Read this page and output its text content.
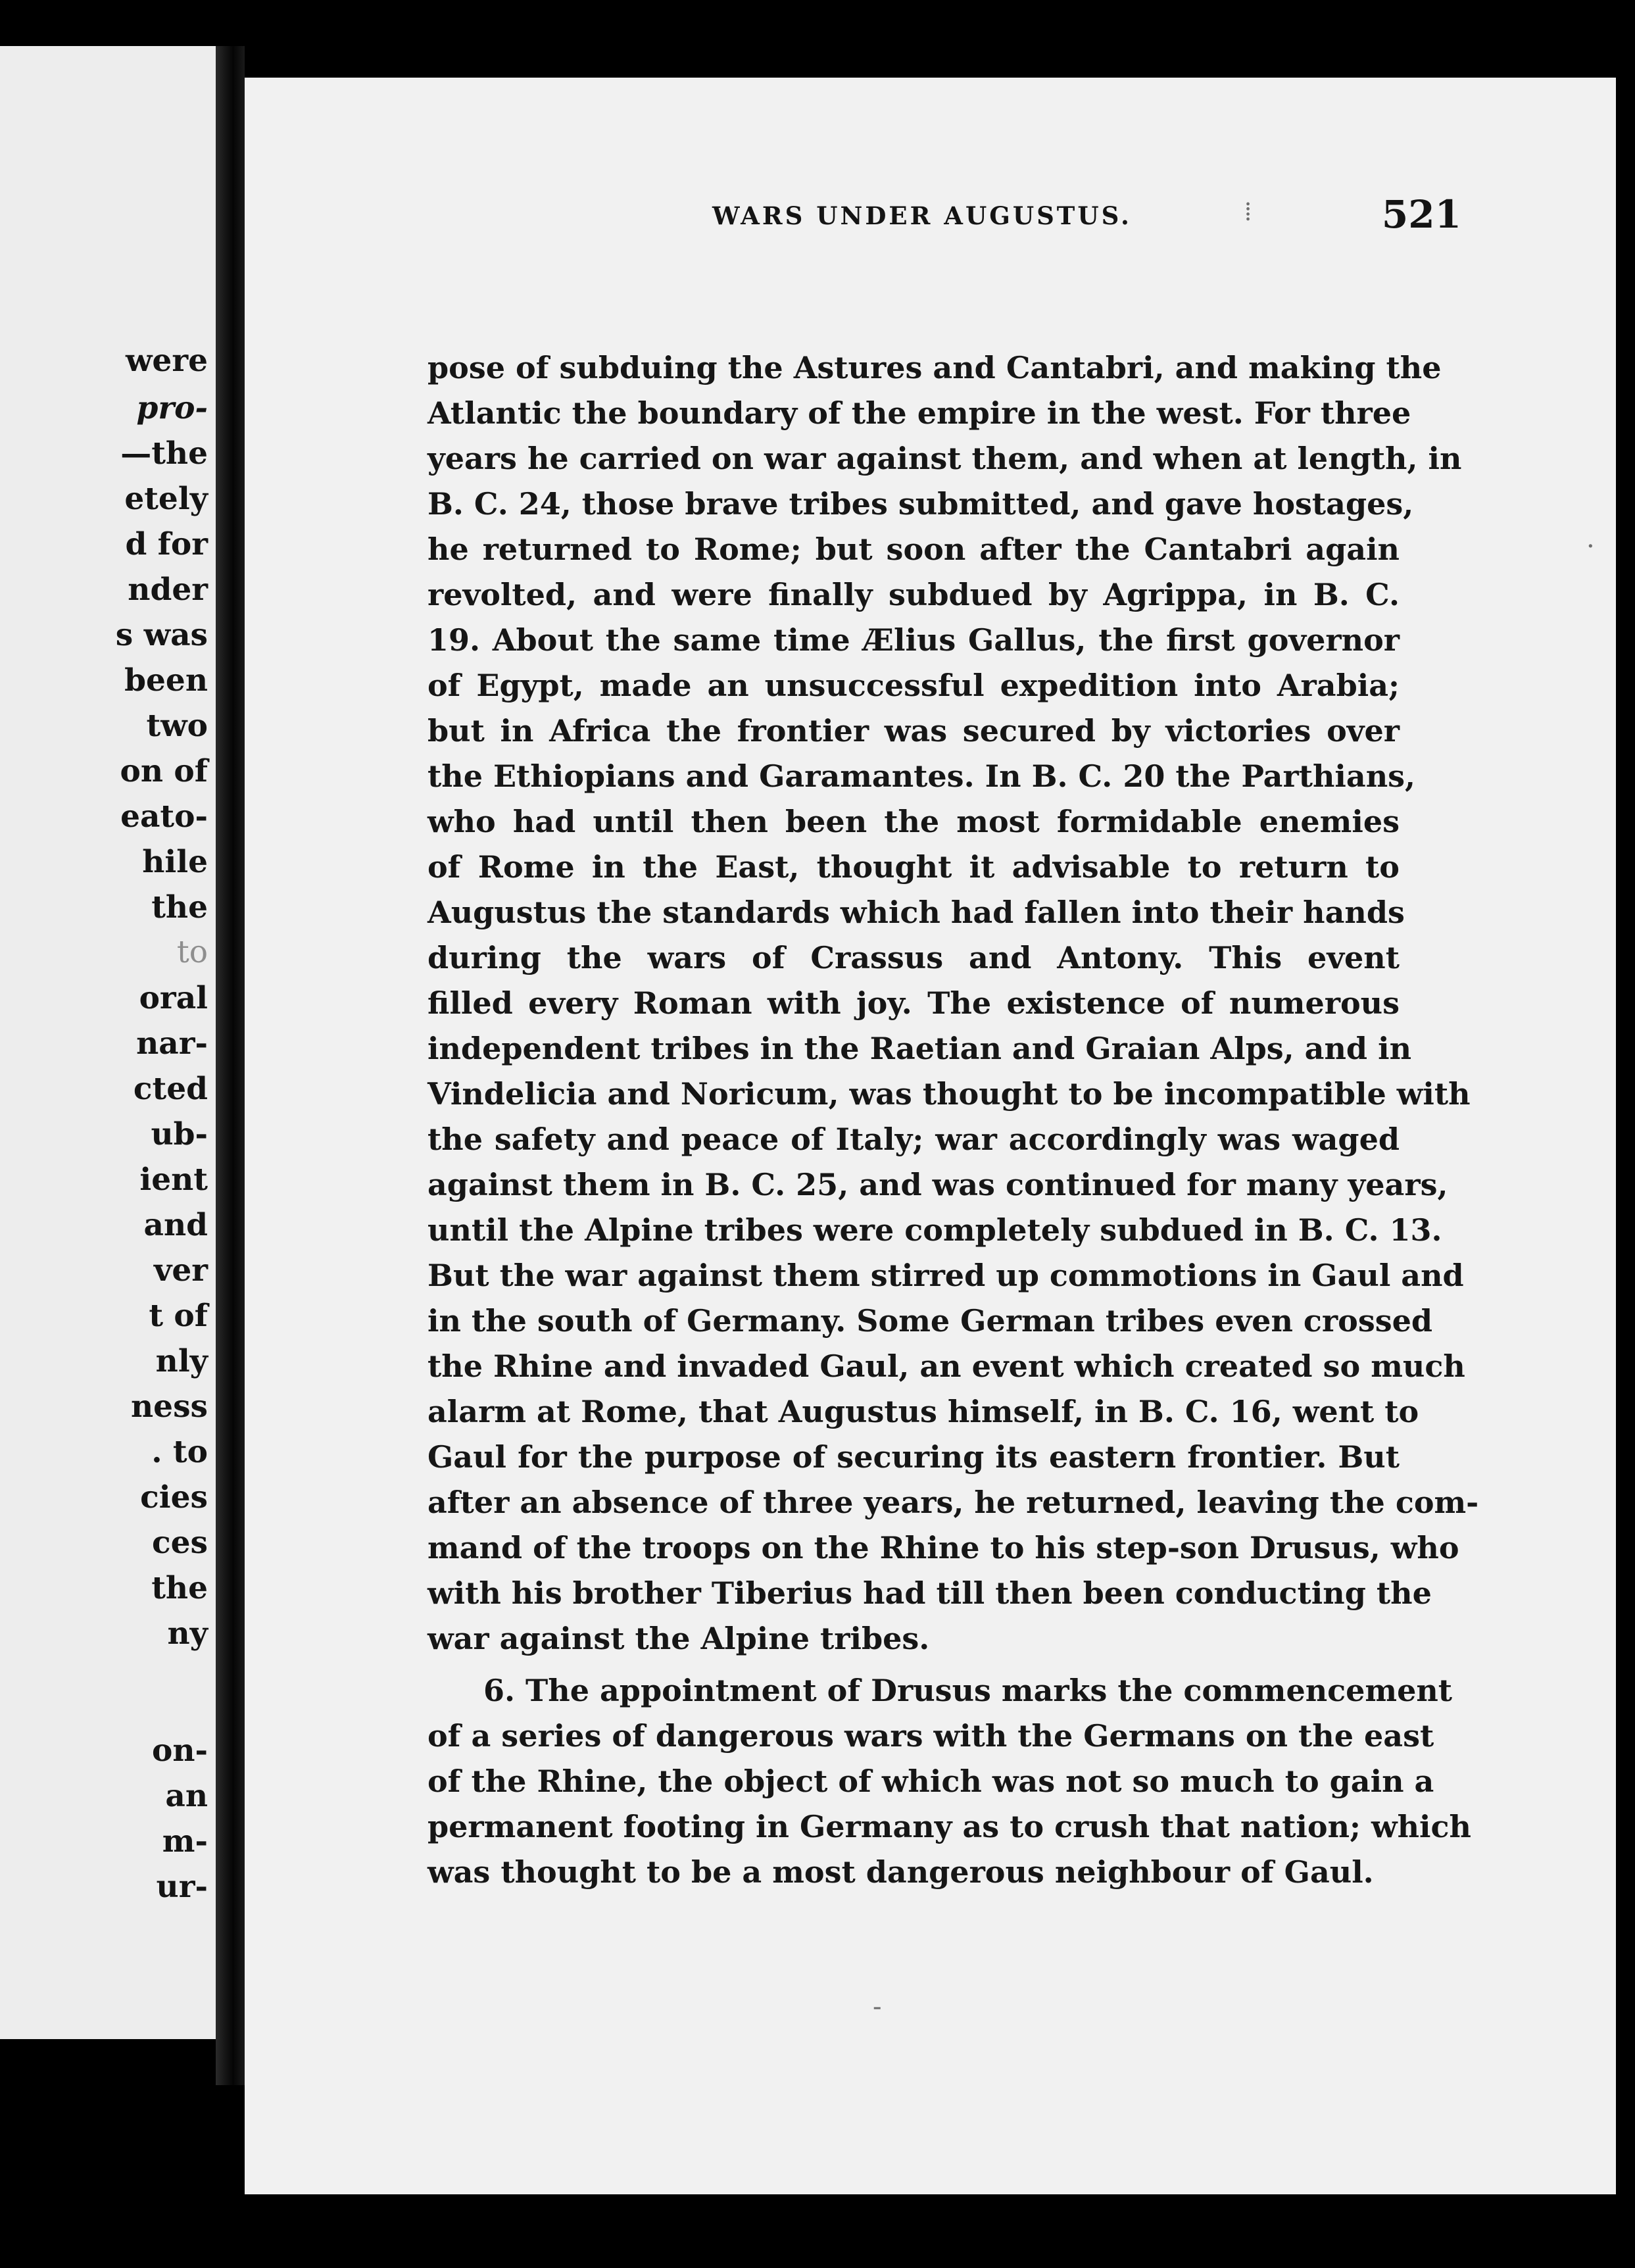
were
pro-
—the
etely
d for
nder
s was
been
two
on of
eato-
hile
the
to
oral
nar-
cted
ub-
ient
and
ver
t of
nly
ness
. to
cies
ces
the
ny
on-
an
m-
ur-
⁞
·
-
WARS UNDER AUGUSTUS.	521
pose of subduing the Astures and Cantabri, and making the
Atlantic the boundary of the empire in the west. For three
years he carried on war against them, and when at length, in
B. C. 24, those brave tribes submitted, and gave hostages,
he returned to Rome; but soon after the Cantabri again
revolted, and were finally subdued by Agrippa, in B. C.
19. About the same time Ælius Gallus, the first governor
of Egypt, made an unsuccessful expedition into Arabia;
but in Africa the frontier was secured by victories over
the Ethiopians and Garamantes. In B. C. 20 the Parthians,
who had until then been the most formidable enemies
of Rome in the East, thought it advisable to return to
Augustus the standards which had fallen into their hands
during the wars of Crassus and Antony. This event
filled every Roman with joy. The existence of numerous
independent tribes in the Raetian and Graian Alps, and in
Vindelicia and Noricum, was thought to be incompatible with
the safety and peace of Italy; war accordingly was waged
against them in B. C. 25, and was continued for many years,
until the Alpine tribes were completely subdued in B. C. 13.
But the war against them stirred up commotions in Gaul and
in the south of Germany. Some German tribes even crossed
the Rhine and invaded Gaul, an event which created so much
alarm at Rome, that Augustus himself, in B. C. 16, went to
Gaul for the purpose of securing its eastern frontier. But
after an absence of three years, he returned, leaving the com-
mand of the troops on the Rhine to his step-son Drusus, who
with his brother Tiberius had till then been conducting the
war against the Alpine tribes.
6. The appointment of Drusus marks the commencement
of a series of dangerous wars with the Germans on the east
of the Rhine, the object of which was not so much to gain a
permanent footing in Germany as to crush that nation; which
was thought to be a most dangerous neighbour of Gaul.
